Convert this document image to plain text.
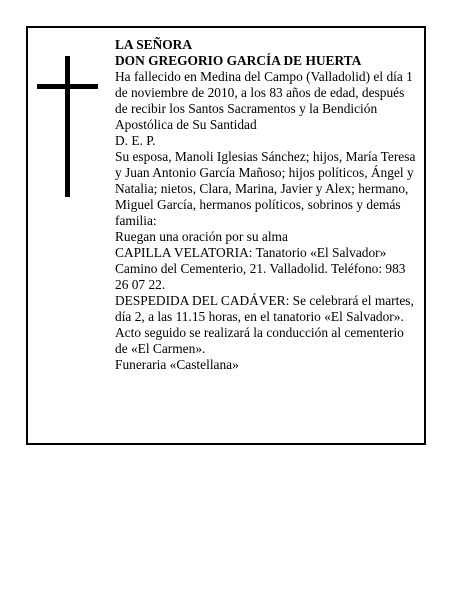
LA SEÑORA

DON GREGORIO GARCÍA DE HUERTA

Ha fallecido en Medina del Campo (Valladolid) el día 1 de noviembre de 2010, a los 83 años de edad, después de recibir los Santos Sacramentos y la Bendición Apostólica de Su Santidad

D. E. P.

Su esposa, Manoli Iglesias Sánchez; hijos, María Teresa y Juan Antonio García Mañoso; hijos políticos, Ángel y Natalia; nietos, Clara, Marina, Javier y Alex; hermano, Miguel García, hermanos políticos, sobrinos y demás familia:

Ruegan una oración por su alma

CAPILLA VELATORIA: Tanatorio «El Salvador» Camino del Cementerio, 21. Valladolid. Teléfono: 983 26 07 22.

DESPEDIDA DEL CADÁVER: Se celebrará el martes, día 2, a las 11.15 horas, en el tanatorio «El Salvador». Acto seguido se realizará la conducción al cementerio de «El Carmen».

Funeraria «Castellana»
